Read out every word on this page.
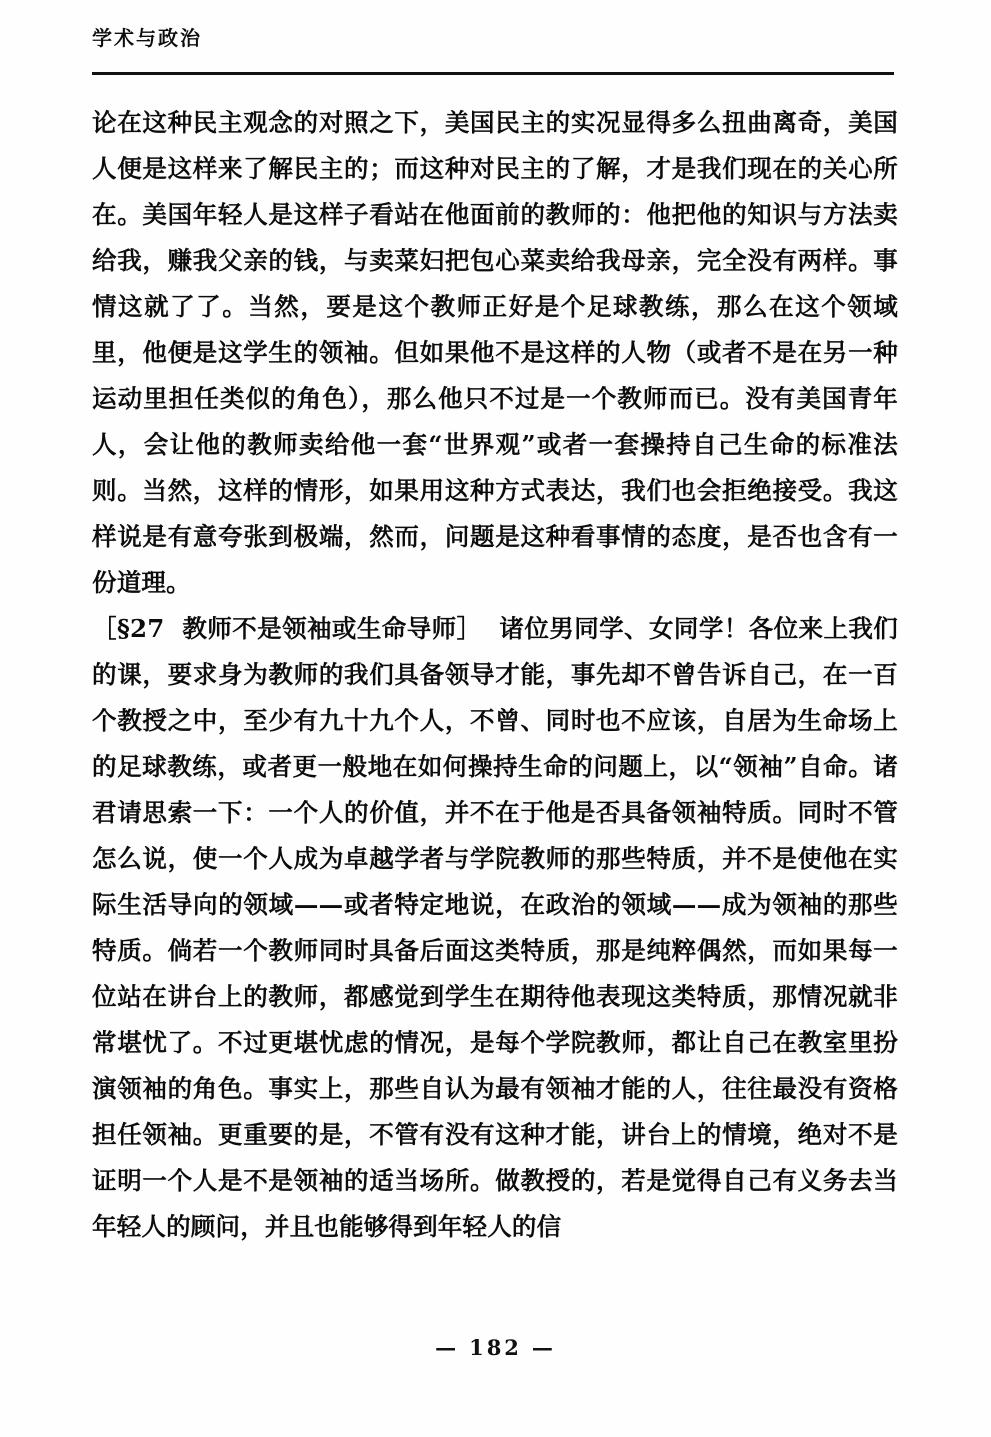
学术与政治

论在这种民主观念的对照之下，美国民主的实况显得多么扭曲离奇，美国人便是这样来了解民主的；而这种对民主的了解，才是我们现在的关心所在。美国年轻人是这样子看站在他面前的教师的：他把他的知识与方法卖给我，赚我父亲的钱，与卖菜妇把包心菜卖给我母亲，完全没有两样。事情这就了了。当然，要是这个教师正好是个足球教练，那么在这个领域里，他便是这学生的领袖。但如果他不是这样的人物（或者不是在另一种运动里担任类似的角色），那么他只不过是一个教师而已。没有美国青年人，会让他的教师卖给他一套“世界观”或者一套操持自己生命的标准法则。当然，这样的情形，如果用这种方式表达，我们也会拒绝接受。我这样说是有意夸张到极端，然而，问题是这种看事情的态度，是否也含有一份道理。

［§27 教师不是领袖或生命导师］ 诸位男同学、女同学！各位来上我们的课，要求身为教师的我们具备领导才能，事先却不曾告诉自己，在一百个教授之中，至少有九十九个人，不曾、同时也不应该，自居为生命场上的足球教练，或者更一般地在如何操持生命的问题上，以“领袖”自命。诸君请思索一下：一个人的价值，并不在于他是否具备领袖特质。同时不管怎么说，使一个人成为卓越学者与学院教师的那些特质，并不是使他在实际生活导向的领域——或者特定地说，在政治的领域——成为领袖的那些特质。倘若一个教师同时具备后面这类特质，那是纯粹偶然，而如果每一位站在讲台上的教师，都感觉到学生在期待他表现这类特质，那情况就非常堪忧了。不过更堪忧虑的情况，是每个学院教师，都让自己在教室里扮演领袖的角色。事实上，那些自认为最有领袖才能的人，往往最没有资格担任领袖。更重要的是，不管有没有这种才能，讲台上的情境，绝对不是证明一个人是不是领袖的适当场所。做教授的，若是觉得自己有义务去当年轻人的顾问，并且也能够得到年轻人的信

— 182 —
